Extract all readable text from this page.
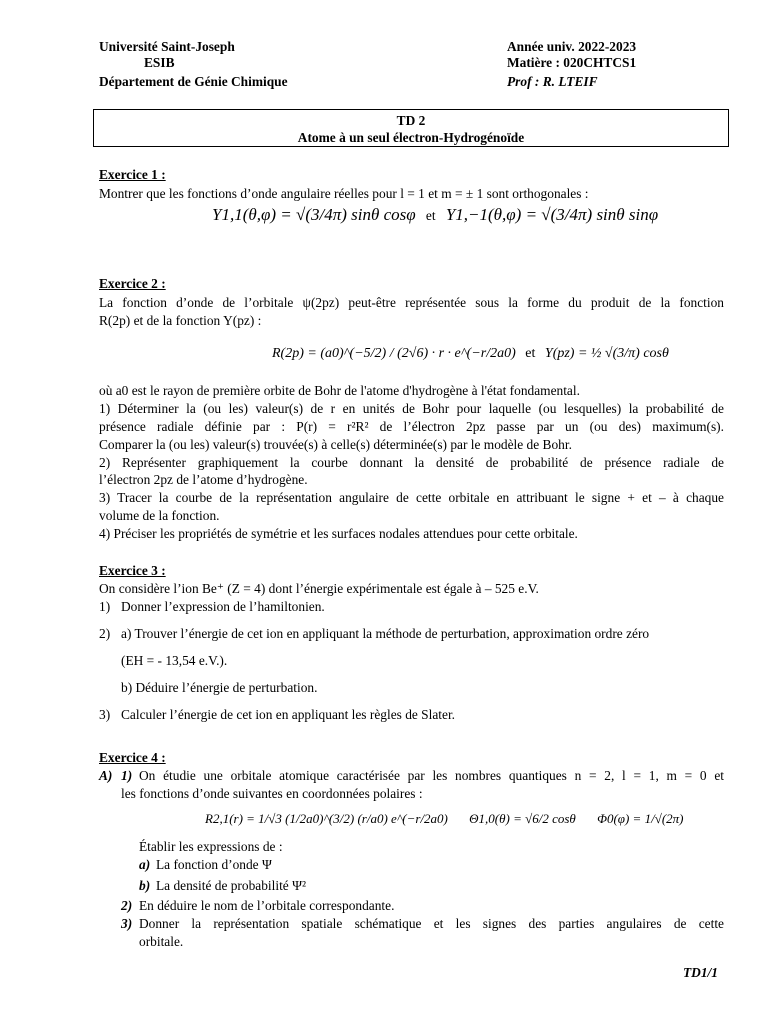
Université Saint-Joseph
ESIB
Département de Génie Chimique
Année univ. 2022-2023
Matière : 020CHTCS1
Prof : R. LTEIF
TD 2
Atome à un seul électron-Hydrogénoïde
Exercice 1 :
Montrer que les fonctions d’onde angulaire réelles pour l = 1 et m = ± 1 sont orthogonales :
Y1,1(θ,φ) = √(3/4π) sinθ cosφ et Y1,−1(θ,φ) = √(3/4π) sinθ sinφ
Exercice 2 :
La fonction d’onde de l’orbitale ψ(2pz) peut-être représentée sous la forme du produit de la fonction
R(2p) et de la fonction Y(pz) :
R(2p) = (a0)^(−5/2) / (2√6) · r · e^(−r/2a0) et Y(pz) = ½ √(3/π) cosθ
où a0 est le rayon de première orbite de Bohr de l'atome d'hydrogène à l'état fondamental.
1) Déterminer la (ou les) valeur(s) de r en unités de Bohr pour laquelle (ou lesquelles) la probabilité de
présence radiale définie par : P(r) = r²R² de l’électron 2pz passe par un (ou des) maximum(s).
Comparer la (ou les) valeur(s) trouvée(s) à celle(s) déterminée(s) par le modèle de Bohr.
2) Représenter graphiquement la courbe donnant la densité de probabilité de présence radiale de
l’électron 2pz de l’atome d’hydrogène.
3) Tracer la courbe de la représentation angulaire de cette orbitale en attribuant le signe + et – à chaque
volume de la fonction.
4) Préciser les propriétés de symétrie et les surfaces nodales attendues pour cette orbitale.
Exercice 3 :
On considère l’ion Be⁺ (Z = 4) dont l’énergie expérimentale est égale à – 525 e.V.
1) Donner l’expression de l’hamiltonien.
2) a) Trouver l’énergie de cet ion en appliquant la méthode de perturbation, approximation ordre zéro
(EH = - 13,54 e.V.).
b) Déduire l’énergie de perturbation.
3) Calculer l’énergie de cet ion en appliquant les règles de Slater.
Exercice 4 :
A) 1) On étudie une orbitale atomique caractérisée par les nombres quantiques n = 2, l = 1, m = 0 et
les fonctions d’onde suivantes en coordonnées polaires :
R2,1(r) = 1/√3 (1/2a0)^(3/2) (r/a0) e^(−r/2a0) Θ1,0(θ) = √6/2 cosθ Φ0(φ) = 1/√(2π)
Établir les expressions de :
a) La fonction d’onde Ψ
b) La densité de probabilité Ψ²
2) En déduire le nom de l’orbitale correspondante.
3) Donner la représentation spatiale schématique et les signes des parties angulaires de cette
orbitale.
TD1/1
